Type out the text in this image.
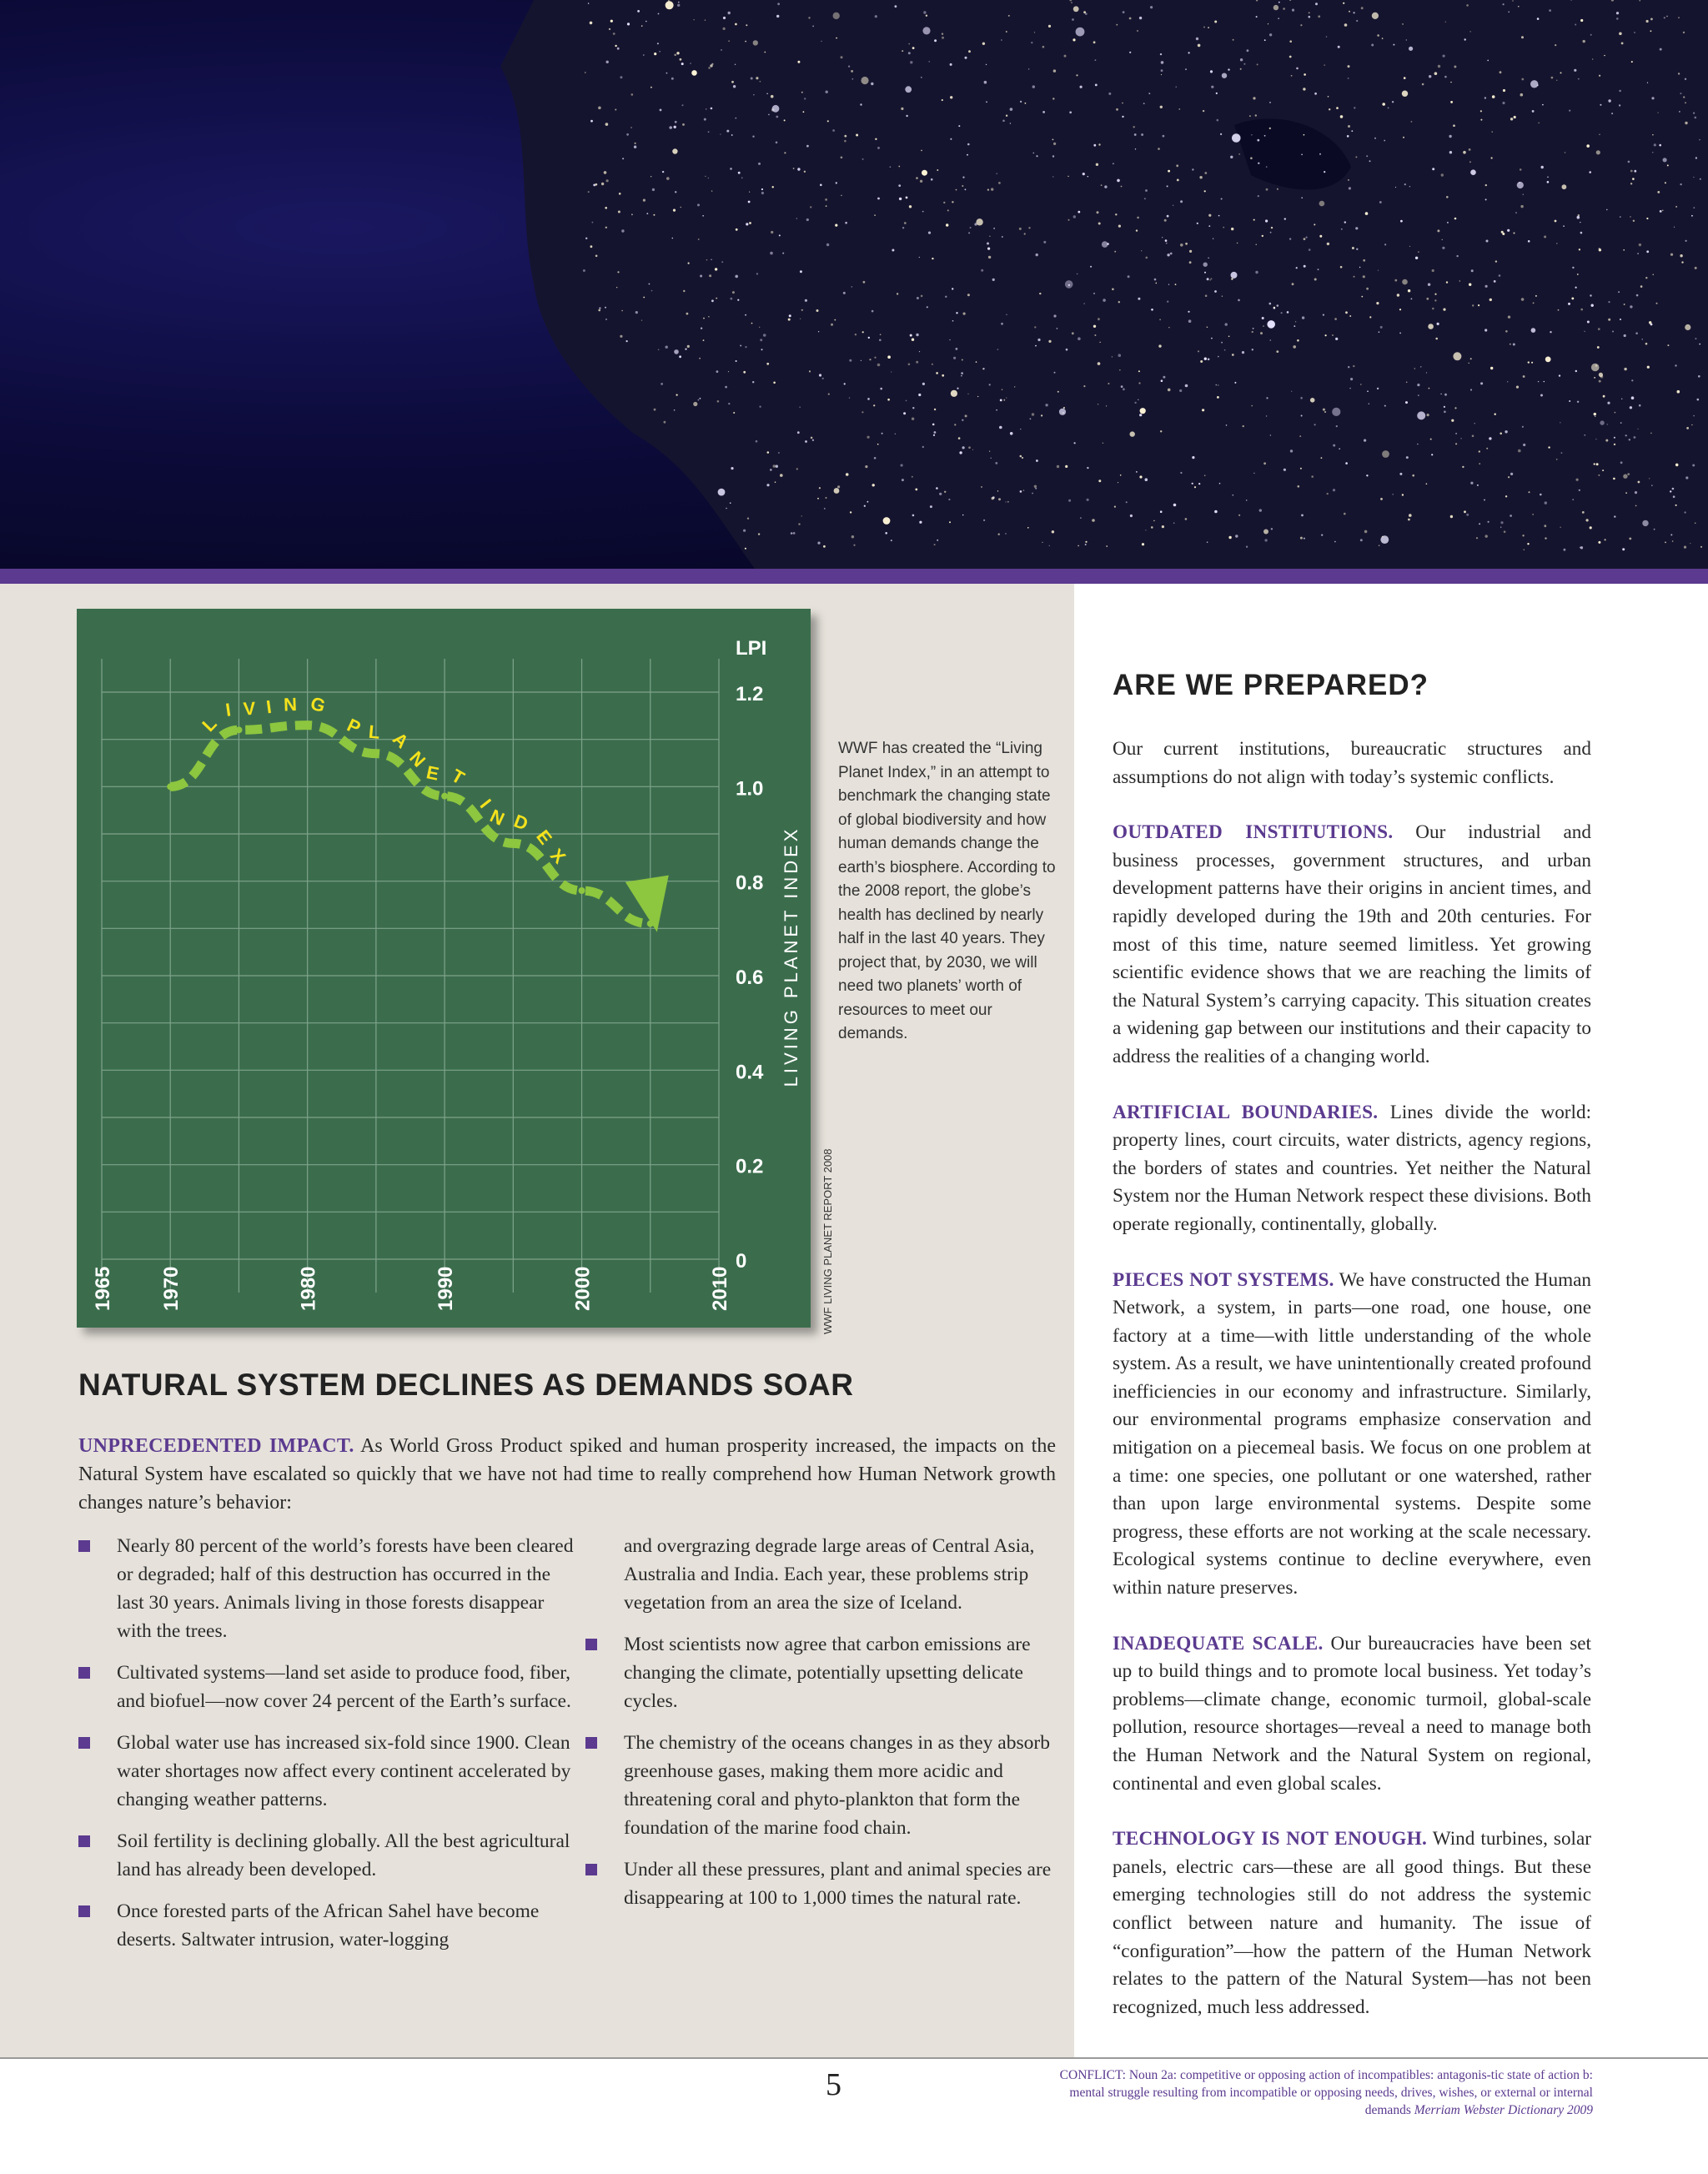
0
0.2
0.4
0.6
0.8
1.0
1.2
LPI
LIVING PLANET INDEX
1965 1970	1980	1990	2000	2010
LIVING PLANET INDEX
WWF LIVING PLANET REPORT 2008
WWF has created the “Living Planet Index,” in an attempt to benchmark the changing state of global biodiversity and how human demands change the earth’s biosphere. According to the 2008 report, the globe’s health has declined by nearly half in the last 40 years. They project that, by 2030, we will need two planets’ worth of resources to meet our demands.
NATURAL SYSTEM DECLINES AS DEMANDS SOAR
UNPRECEDENTED IMPACT. As World Gross Product spiked and human prosperity increased, the impacts on the Natural System have escalated so quickly that we have not had time to really comprehend how Human Network growth changes nature’s behavior:
Nearly 80 percent of the world’s forests have been cleared or degraded; half of this destruction has occurred in the last 30 years. Animals living in those forests disappear with the trees.
Cultivated systems—land set aside to produce food, fiber, and biofuel—now cover 24 percent of the Earth’s surface.
Global water use has increased six-fold since 1900. Clean water shortages now affect every continent accelerated by changing weather patterns.
Soil fertility is declining globally. All the best agricultural land has already been developed.
Once forested parts of the African Sahel have become deserts. Saltwater intrusion, water-logging
and overgrazing degrade large areas of Central Asia, Australia and India. Each year, these problems strip vegetation from an area the size of Iceland.
Most scientists now agree that carbon emissions are changing the climate, potentially upsetting delicate cycles.
The chemistry of the oceans changes in as they absorb greenhouse gases, making them more acidic and threatening coral and phyto-plankton that form the foundation of the marine food chain.
Under all these pressures, plant and animal species are disappearing at 100 to 1,000 times the natural rate.
ARE WE PREPARED?

Our current institutions, bureaucratic structures and assumptions do not align with today’s systemic conflicts.

OUTDATED INSTITUTIONS. Our industrial and business processes, government structures, and urban development patterns have their origins in ancient times, and rapidly developed during the 19th and 20th centuries. For most of this time, nature seemed limitless. Yet growing scientific evidence shows that we are reaching the limits of the Natural System’s carrying capacity. This situation creates a widening gap between our institutions and their capacity to address the realities of a changing world.

ARTIFICIAL BOUNDARIES. Lines divide the world: property lines, court circuits, water districts, agency regions, the borders of states and countries. Yet neither the Natural System nor the Human Network respect these divisions. Both operate regionally, continentally, globally.

PIECES NOT SYSTEMS. We have constructed the Human Network, a system, in parts—one road, one house, one factory at a time—with little understanding of the whole system. As a result, we have unintentionally created profound inefficiencies in our economy and infrastructure. Similarly, our environmental programs emphasize conservation and mitigation on a piecemeal basis. We focus on one problem at a time: one species, one pollutant or one watershed, rather than upon large environmental systems. Despite some progress, these efforts are not working at the scale necessary. Ecological systems continue to decline everywhere, even within nature preserves.

INADEQUATE SCALE. Our bureaucracies have been set up to build things and to promote local business. Yet today’s problems—climate change, economic turmoil, global-scale pollution, resource shortages—reveal a need to manage both the Human Network and the Natural System on regional, continental and even global scales.

TECHNOLOGY IS NOT ENOUGH. Wind turbines, solar panels, electric cars—these are all good things. But these emerging technologies still do not address the systemic conflict between nature and humanity. The issue of “configuration”—how the pattern of the Human Network relates to the pattern of the Natural System—has not been recognized, much less addressed.

5	CONFLICT: Noun 2a: competitive or opposing action of incompatibles: antagonis-tic state of action b: mental struggle resulting from incompatible or opposing needs, drives, wishes, or external or internal demands Merriam Webster Dictionary 2009
